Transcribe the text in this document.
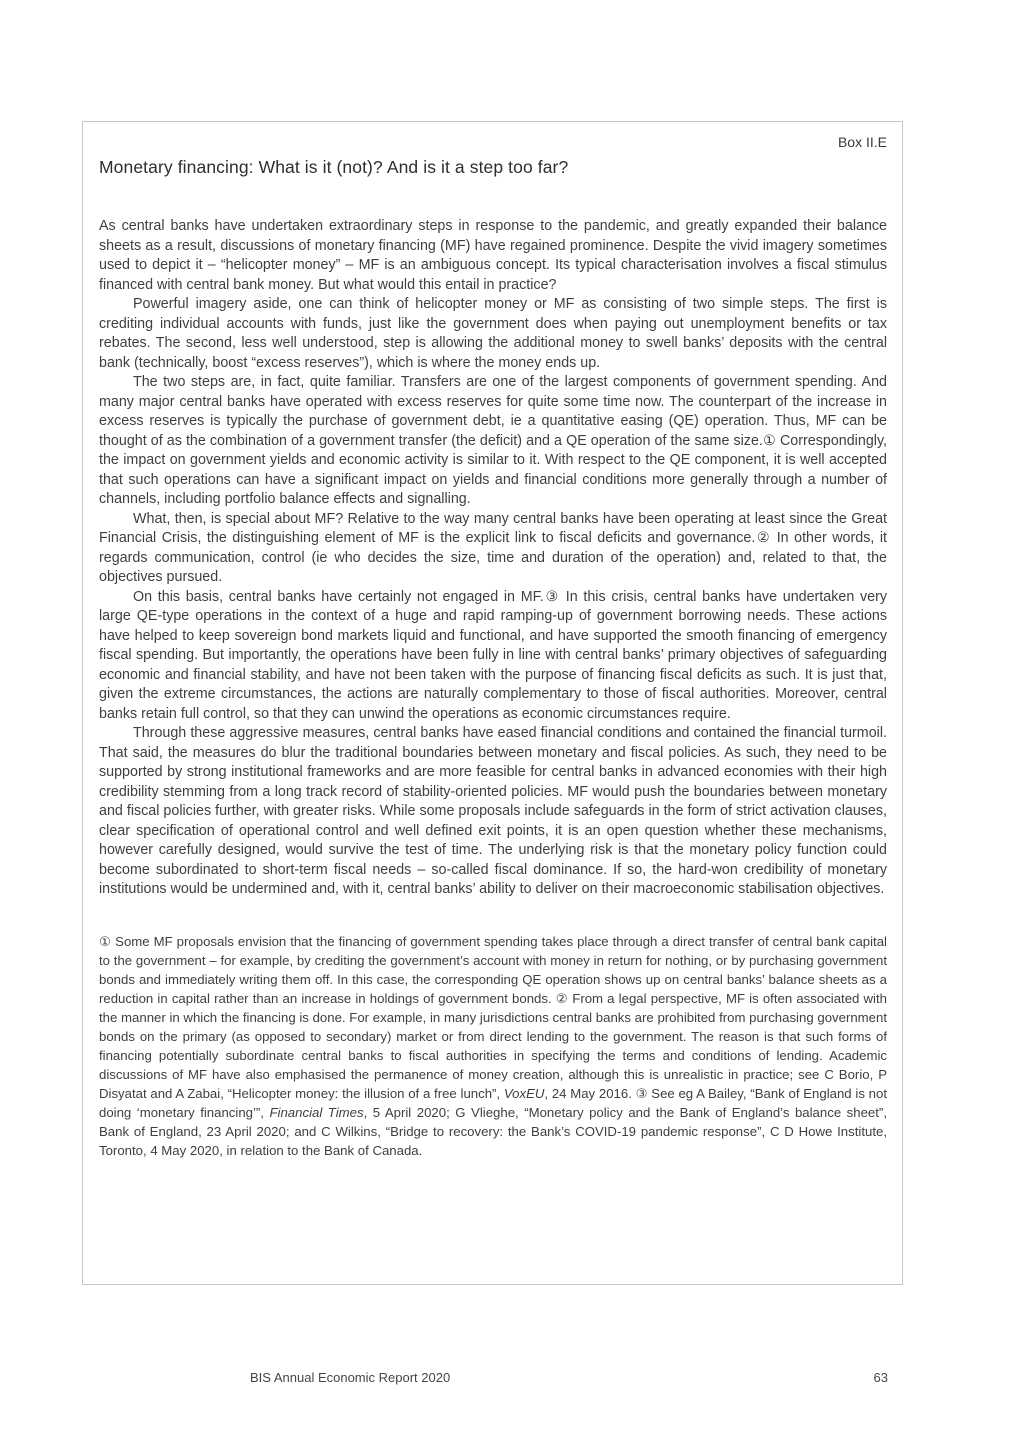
Box II.E
Monetary financing: What is it (not)? And is it a step too far?

As central banks have undertaken extraordinary steps in response to the pandemic, and greatly expanded their balance sheets as a result, discussions of monetary financing (MF) have regained prominence. Despite the vivid imagery sometimes used to depict it – “helicopter money” – MF is an ambiguous concept. Its typical characterisation involves a fiscal stimulus financed with central bank money. But what would this entail in practice?

Powerful imagery aside, one can think of helicopter money or MF as consisting of two simple steps. The first is crediting individual accounts with funds, just like the government does when paying out unemployment benefits or tax rebates. The second, less well understood, step is allowing the additional money to swell banks’ deposits with the central bank (technically, boost “excess reserves”), which is where the money ends up.

The two steps are, in fact, quite familiar. Transfers are one of the largest components of government spending. And many major central banks have operated with excess reserves for quite some time now. The counterpart of the increase in excess reserves is typically the purchase of government debt, ie a quantitative easing (QE) operation. Thus, MF can be thought of as the combination of a government transfer (the deficit) and a QE operation of the same size.① Correspondingly, the impact on government yields and economic activity is similar to it. With respect to the QE component, it is well accepted that such operations can have a significant impact on yields and financial conditions more generally through a number of channels, including portfolio balance effects and signalling.

What, then, is special about MF? Relative to the way many central banks have been operating at least since the Great Financial Crisis, the distinguishing element of MF is the explicit link to fiscal deficits and governance.② In other words, it regards communication, control (ie who decides the size, time and duration of the operation) and, related to that, the objectives pursued.

On this basis, central banks have certainly not engaged in MF.③ In this crisis, central banks have undertaken very large QE-type operations in the context of a huge and rapid ramping-up of government borrowing needs. These actions have helped to keep sovereign bond markets liquid and functional, and have supported the smooth financing of emergency fiscal spending. But importantly, the operations have been fully in line with central banks’ primary objectives of safeguarding economic and financial stability, and have not been taken with the purpose of financing fiscal deficits as such. It is just that, given the extreme circumstances, the actions are naturally complementary to those of fiscal authorities. Moreover, central banks retain full control, so that they can unwind the operations as economic circumstances require.

Through these aggressive measures, central banks have eased financial conditions and contained the financial turmoil. That said, the measures do blur the traditional boundaries between monetary and fiscal policies. As such, they need to be supported by strong institutional frameworks and are more feasible for central banks in advanced economies with their high credibility stemming from a long track record of stability-oriented policies. MF would push the boundaries between monetary and fiscal policies further, with greater risks. While some proposals include safeguards in the form of strict activation clauses, clear specification of operational control and well defined exit points, it is an open question whether these mechanisms, however carefully designed, would survive the test of time. The underlying risk is that the monetary policy function could become subordinated to short-term fiscal needs – so-called fiscal dominance. If so, the hard-won credibility of monetary institutions would be undermined and, with it, central banks’ ability to deliver on their macroeconomic stabilisation objectives.

① Some MF proposals envision that the financing of government spending takes place through a direct transfer of central bank capital to the government – for example, by crediting the government’s account with money in return for nothing, or by purchasing government bonds and immediately writing them off. In this case, the corresponding QE operation shows up on central banks’ balance sheets as a reduction in capital rather than an increase in holdings of government bonds. ② From a legal perspective, MF is often associated with the manner in which the financing is done. For example, in many jurisdictions central banks are prohibited from purchasing government bonds on the primary (as opposed to secondary) market or from direct lending to the government. The reason is that such forms of financing potentially subordinate central banks to fiscal authorities in specifying the terms and conditions of lending. Academic discussions of MF have also emphasised the permanence of money creation, although this is unrealistic in practice; see C Borio, P Disyatat and A Zabai, “Helicopter money: the illusion of a free lunch”, VoxEU, 24 May 2016. ③ See eg A Bailey, “Bank of England is not doing ‘monetary financing’”, Financial Times, 5 April 2020; G Vlieghe, “Monetary policy and the Bank of England’s balance sheet”, Bank of England, 23 April 2020; and C Wilkins, “Bridge to recovery: the Bank’s COVID-19 pandemic response”, C D Howe Institute, Toronto, 4 May 2020, in relation to the Bank of Canada.
BIS Annual Economic Report 2020	63
